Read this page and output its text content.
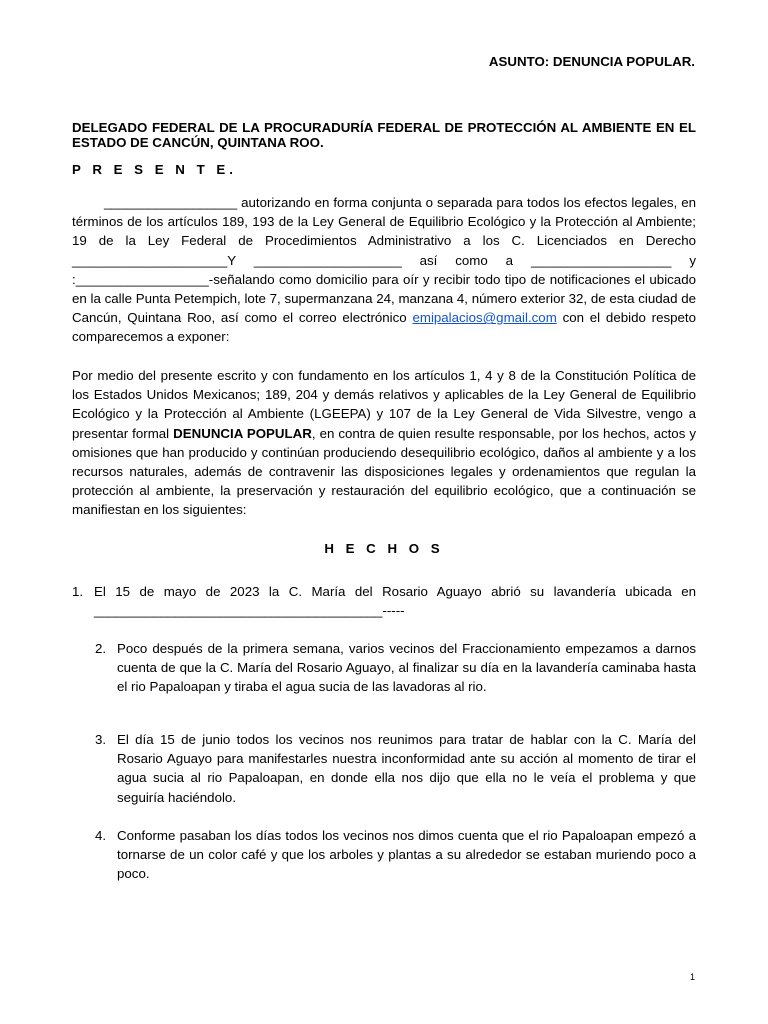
ASUNTO: DENUNCIA POPULAR.
DELEGADO FEDERAL DE LA PROCURADURÍA FEDERAL DE PROTECCIÓN AL AMBIENTE EN EL ESTADO DE CANCÚN, QUINTANA ROO.
P R E S E N T E.
__________________ autorizando en forma conjunta o separada para todos los efectos legales, en términos de los artículos 189, 193 de la Ley General de Equilibrio Ecológico y la Protección al Ambiente; 19 de la Ley Federal de Procedimientos Administrativo a los C. Licenciados en Derecho _____________________Y ____________________ así como a ___________________ y :__________________-señalando como domicilio para oír y recibir todo tipo de notificaciones el ubicado en la calle Punta Petempich, lote 7, supermanzana 24, manzana 4, número exterior 32, de esta ciudad de Cancún, Quintana Roo, así como el correo electrónico emipalacios@gmail.com con el debido respeto comparecemos a exponer:
Por medio del presente escrito y con fundamento en los artículos 1, 4 y 8 de la Constitución Política de los Estados Unidos Mexicanos; 189, 204 y demás relativos y aplicables de la Ley General de Equilibrio Ecológico y la Protección al Ambiente (LGEEPA) y 107 de la Ley General de Vida Silvestre, vengo a presentar formal DENUNCIA POPULAR, en contra de quien resulte responsable, por los hechos, actos y omisiones que han producido y continúan produciendo desequilibrio ecológico, daños al ambiente y a los recursos naturales, además de contravenir las disposiciones legales y ordenamientos que regulan la protección al ambiente, la preservación y restauración del equilibrio ecológico, que a continuación se manifiestan en los siguientes:
H E C H O S
1. El 15 de mayo de 2023 la C. María del Rosario Aguayo abrió su lavandería ubicada en _______________________________________-----
2. Poco después de la primera semana, varios vecinos del Fraccionamiento empezamos a darnos cuenta de que la C. María del Rosario Aguayo, al finalizar su día en la lavandería caminaba hasta el rio Papaloapan y tiraba el agua sucia de las lavadoras al rio.
3. El día 15 de junio todos los vecinos nos reunimos para tratar de hablar con la C. María del Rosario Aguayo para manifestarles nuestra inconformidad ante su acción al momento de tirar el agua sucia al rio Papaloapan, en donde ella nos dijo que ella no le veía el problema y que seguiría haciéndolo.
4. Conforme pasaban los días todos los vecinos nos dimos cuenta que el rio Papaloapan empezó a tornarse de un color café y que los arboles y plantas a su alrededor se estaban muriendo poco a poco.
1
